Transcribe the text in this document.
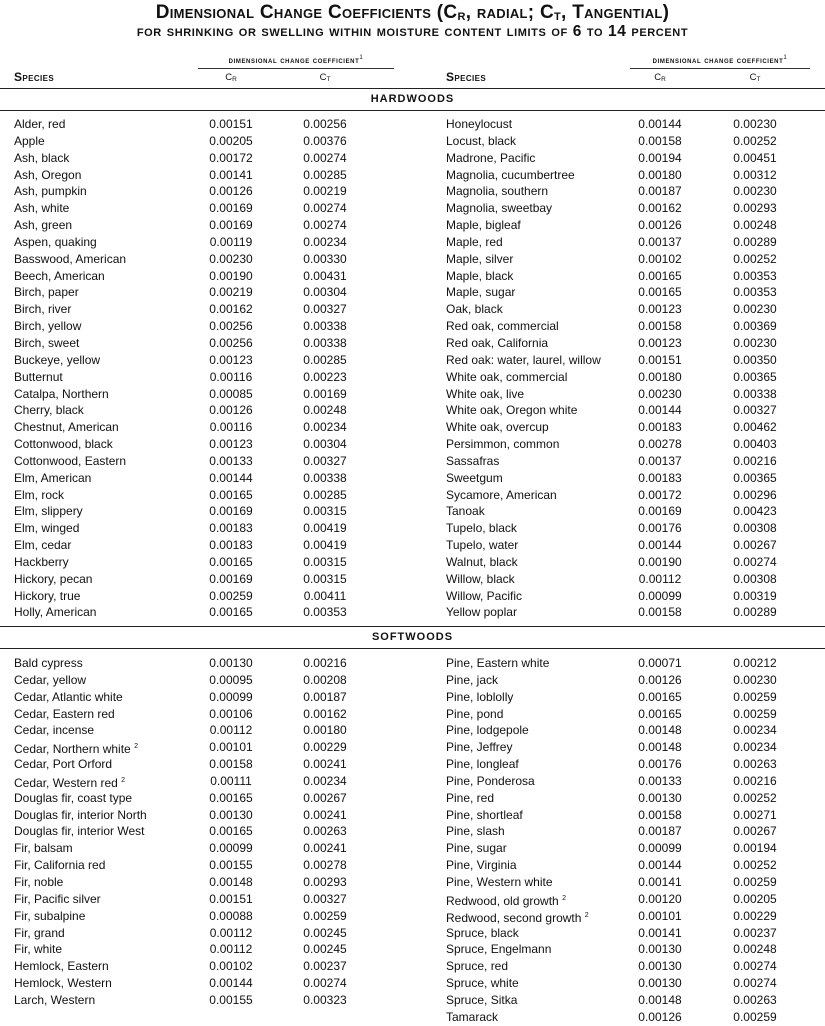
Dimensional Change Coefficients ($C_R$, radial; $C_T$, Tangential)
for shrinking or swelling within moisture content limits of 6 to 14 percent
dimensional change coefficient$^1$
Species	$C_R$	$C_T$
dimensional change coefficient$^1$
Species	$C_R$	$C_T$
HARDWOODS
Alder, red	0.00151	0.00256
Apple	0.00205	0.00376
Ash, black	0.00172	0.00274
Ash, Oregon	0.00141	0.00285
Ash, pumpkin	0.00126	0.00219
Ash, white	0.00169	0.00274
Ash, green	0.00169	0.00274
Aspen, quaking	0.00119	0.00234
Basswood, American	0.00230	0.00330
Beech, American	0.00190	0.00431
Birch, paper	0.00219	0.00304
Birch, river	0.00162	0.00327
Birch, yellow	0.00256	0.00338
Birch, sweet	0.00256	0.00338
Buckeye, yellow	0.00123	0.00285
Butternut	0.00116	0.00223
Catalpa, Northern	0.00085	0.00169
Cherry, black	0.00126	0.00248
Chestnut, American	0.00116	0.00234
Cottonwood, black	0.00123	0.00304
Cottonwood, Eastern	0.00133	0.00327
Elm, American	0.00144	0.00338
Elm, rock	0.00165	0.00285
Elm, slippery	0.00169	0.00315
Elm, winged	0.00183	0.00419
Elm, cedar	0.00183	0.00419
Hackberry	0.00165	0.00315
Hickory, pecan	0.00169	0.00315
Hickory, true	0.00259	0.00411
Holly, American	0.00165	0.00353
Honeylocust	0.00144	0.00230
Locust, black	0.00158	0.00252
Madrone, Pacific	0.00194	0.00451
Magnolia, cucumbertree	0.00180	0.00312
Magnolia, southern	0.00187	0.00230
Magnolia, sweetbay	0.00162	0.00293
Maple, bigleaf	0.00126	0.00248
Maple, red	0.00137	0.00289
Maple, silver	0.00102	0.00252
Maple, black	0.00165	0.00353
Maple, sugar	0.00165	0.00353
Oak, black	0.00123	0.00230
Red oak, commercial	0.00158	0.00369
Red oak, California	0.00123	0.00230
Red oak: water, laurel, willow	0.00151	0.00350
White oak, commercial	0.00180	0.00365
White oak, live	0.00230	0.00338
White oak, Oregon white	0.00144	0.00327
White oak, overcup	0.00183	0.00462
Persimmon, common	0.00278	0.00403
Sassafras	0.00137	0.00216
Sweetgum	0.00183	0.00365
Sycamore, American	0.00172	0.00296
Tanoak	0.00169	0.00423
Tupelo, black	0.00176	0.00308
Tupelo, water	0.00144	0.00267
Walnut, black	0.00190	0.00274
Willow, black	0.00112	0.00308
Willow, Pacific	0.00099	0.00319
Yellow poplar	0.00158	0.00289
SOFTWOODS
Bald cypress	0.00130	0.00216
Cedar, yellow	0.00095	0.00208
Cedar, Atlantic white	0.00099	0.00187
Cedar, Eastern red	0.00106	0.00162
Cedar, incense	0.00112	0.00180
Cedar, Northern white $^2$	0.00101	0.00229
Cedar, Port Orford	0.00158	0.00241
Cedar, Western red $^2$	0.00111	0.00234
Douglas fir, coast type	0.00165	0.00267
Douglas fir, interior North	0.00130	0.00241
Douglas fir, interior West	0.00165	0.00263
Fir, balsam	0.00099	0.00241
Fir, California red	0.00155	0.00278
Fir, noble	0.00148	0.00293
Fir, Pacific silver	0.00151	0.00327
Fir, subalpine	0.00088	0.00259
Fir, grand	0.00112	0.00245
Fir, white	0.00112	0.00245
Hemlock, Eastern	0.00102	0.00237
Hemlock, Western	0.00144	0.00274
Larch, Western	0.00155	0.00323
Pine, Eastern white	0.00071	0.00212
Pine, jack	0.00126	0.00230
Pine, loblolly	0.00165	0.00259
Pine, pond	0.00165	0.00259
Pine, lodgepole	0.00148	0.00234
Pine, Jeffrey	0.00148	0.00234
Pine, longleaf	0.00176	0.00263
Pine, Ponderosa	0.00133	0.00216
Pine, red	0.00130	0.00252
Pine, shortleaf	0.00158	0.00271
Pine, slash	0.00187	0.00267
Pine, sugar	0.00099	0.00194
Pine, Virginia	0.00144	0.00252
Pine, Western white	0.00141	0.00259
Redwood, old growth $^2$	0.00120	0.00205
Redwood, second growth $^2$	0.00101	0.00229
Spruce, black	0.00141	0.00237
Spruce, Engelmann	0.00130	0.00248
Spruce, red	0.00130	0.00274
Spruce, white	0.00130	0.00274
Spruce, Sitka	0.00148	0.00263
Tamarack	0.00126	0.00259
